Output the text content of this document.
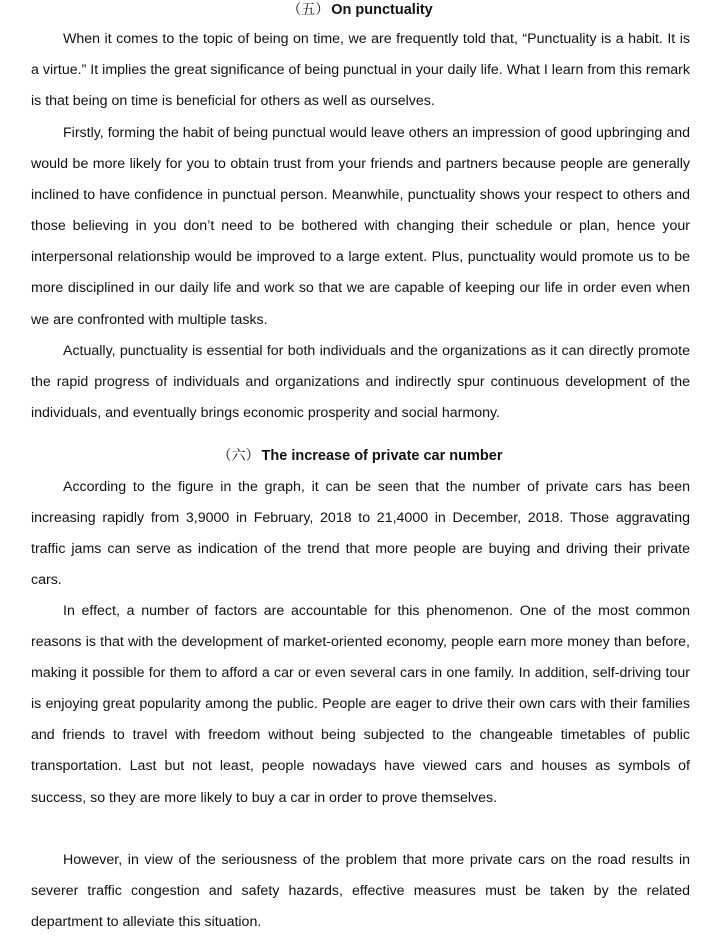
（五） On punctuality

When it comes to the topic of being on time, we are frequently told that, “Punctuality is a habit. It is a virtue.” It implies the great significance of being punctual in your daily life. What I learn from this remark is that being on time is beneficial for others as well as ourselves.

Firstly, forming the habit of being punctual would leave others an impression of good upbringing and would be more likely for you to obtain trust from your friends and partners because people are generally inclined to have confidence in punctual person. Meanwhile, punctuality shows your respect to others and those believing in you don’t need to be bothered with changing their schedule or plan, hence your interpersonal relationship would be improved to a large extent. Plus, punctuality would promote us to be more disciplined in our daily life and work so that we are capable of keeping our life in order even when we are confronted with multiple tasks.

Actually, punctuality is essential for both individuals and the organizations as it can directly promote the rapid progress of individuals and organizations and indirectly spur continuous development of the individuals, and eventually brings economic prosperity and social harmony.

（六） The increase of private car number

According to the figure in the graph, it can be seen that the number of private cars has been increasing rapidly from 3,9000 in February, 2018 to 21,4000 in December, 2018. Those aggravating traffic jams can serve as indication of the trend that more people are buying and driving their private cars.

In effect, a number of factors are accountable for this phenomenon. One of the most common reasons is that with the development of market-oriented economy, people earn more money than before, making it possible for them to afford a car or even several cars in one family. In addition, self-driving tour is enjoying great popularity among the public. People are eager to drive their own cars with their families and friends to travel with freedom without being subjected to the changeable timetables of public transportation. Last but not least, people nowadays have viewed cars and houses as symbols of success, so they are more likely to buy a car in order to prove themselves.

However, in view of the seriousness of the problem that more private cars on the road results in severer traffic congestion and safety hazards, effective measures must be taken by the related department to alleviate this situation.
